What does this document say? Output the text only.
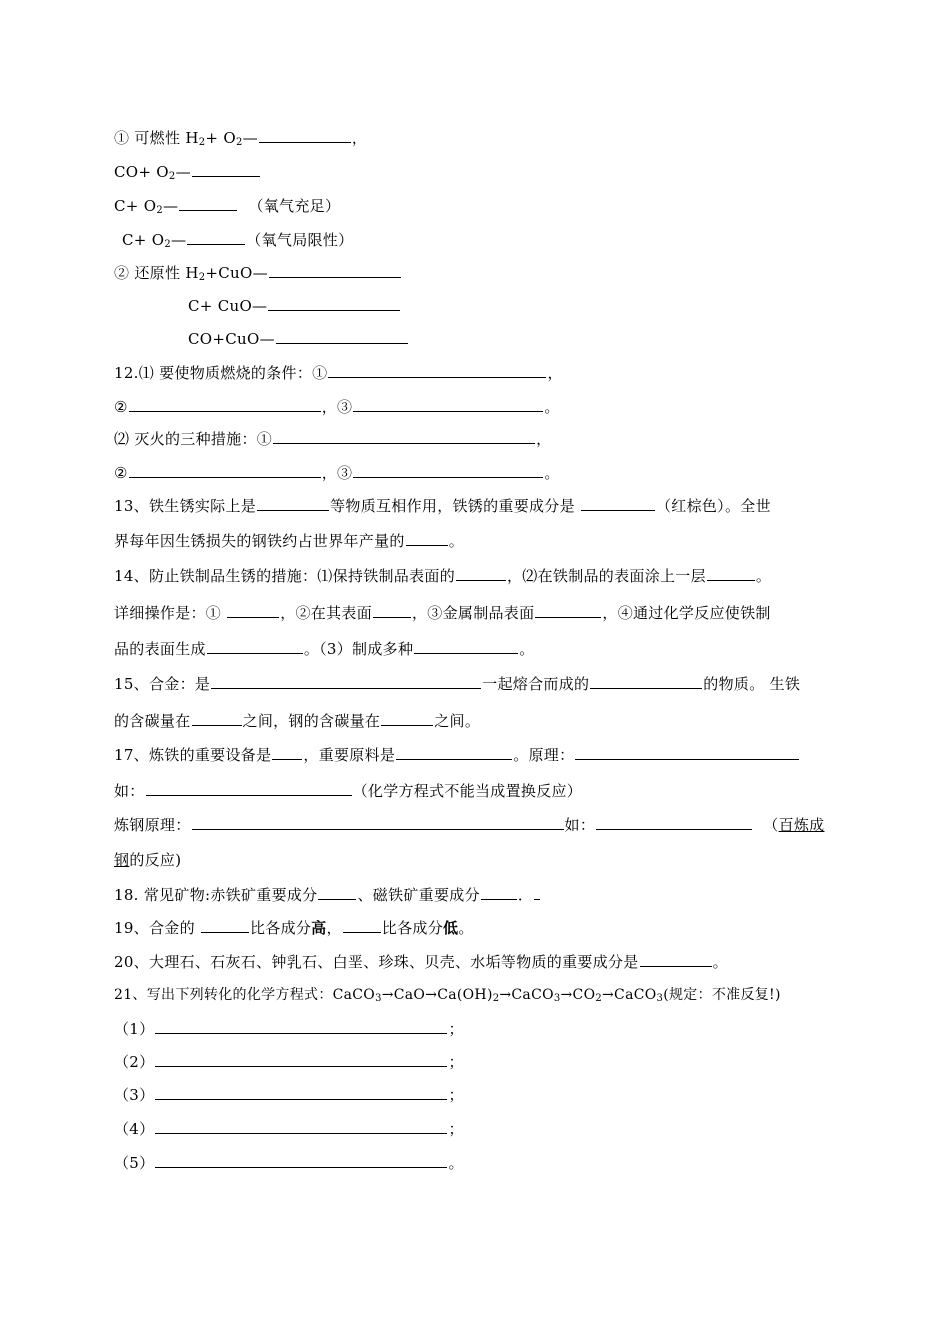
① 可燃性 $H_2+$ $O_2—$	，
$CO+ O_2—$
$C+ O_2—$	（氧气充足）
$C+ O_2—$	（氧气局限性）
② 还原性 $H_2+CuO—$
C+ CuO—
CO+CuO—
12.⑴ 要使物质燃烧的条件：①	，
②	，③	。
⑵ 灭火的三种措施：①	，
②	，③	。
13、铁生锈实际上是	等物质互相作用，铁锈的重要成分是	（红棕色）。全世
界每年因生锈损失的钢铁约占世界年产量的	。
14、防止铁制品生锈的措施：⑴保持铁制品表面的	，⑵在铁制品的表面涂上一层	。
详细操作是：①	，②在其表面	，③金属制品表面	，④通过化学反应使铁制
品的表面生成	。（3）制成多种	。
15、合金：是	一起熔合而成的	的物质。 生铁
的含碳量在	之间，钢的含碳量在	之间。
17、炼铁的重要设备是 ，重要原料是	。原理：
如：	（化学方程式不能当成置换反应）
炼钢原理：	如：	（百炼成
钢的反应)
18. 常见矿物:赤铁矿重要成分	、磁铁矿重要成分	．
19、合金的	比各成分高，	比各成分低。
20、大理石、石灰石、钟乳石、白垩、珍珠、贝壳、水垢等物质的重要成分是	。
21、写出下列转化的化学方程式：$CaCO_3\to CaO\to Ca(OH)_2\to CaCO_3\to CO_2\to CaCO_3$(规定：不准反复!)
（1）	；
（2）	；
（3）	；
（4）	；
（5）	。
